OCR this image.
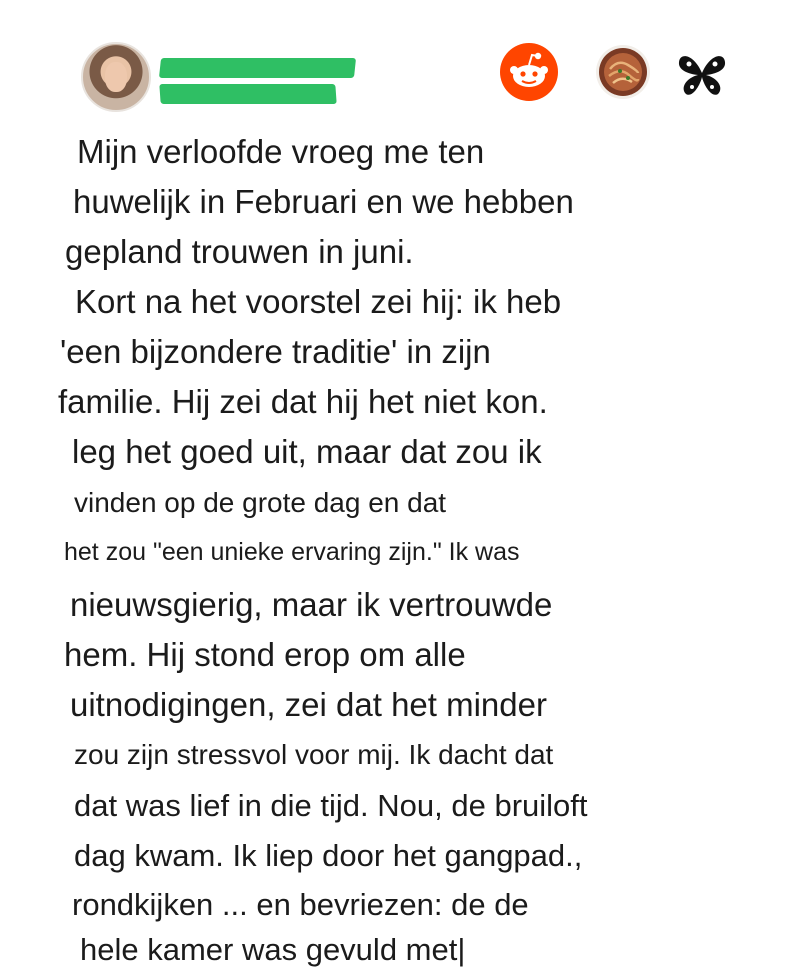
Mijn verloofde vroeg me ten
huwelijk in Februari en we hebben
gepland trouwen in juni.
Kort na het voorstel zei hij: ik heb
'een bijzondere traditie' in zijn
familie. Hij zei dat hij het niet kon.
leg het goed uit, maar dat zou ik
vinden op de grote dag en dat
het zou "een unieke ervaring zijn." Ik was
nieuwsgierig, maar ik vertrouwde
hem. Hij stond erop om alle
uitnodigingen, zei dat het minder
zou zijn stressvol voor mij. Ik dacht dat
dat was lief in die tijd. Nou, de bruiloft
dag kwam. Ik liep door het gangpad.,
rondkijken ... en bevriezen: de de
hele kamer was gevuld met|
